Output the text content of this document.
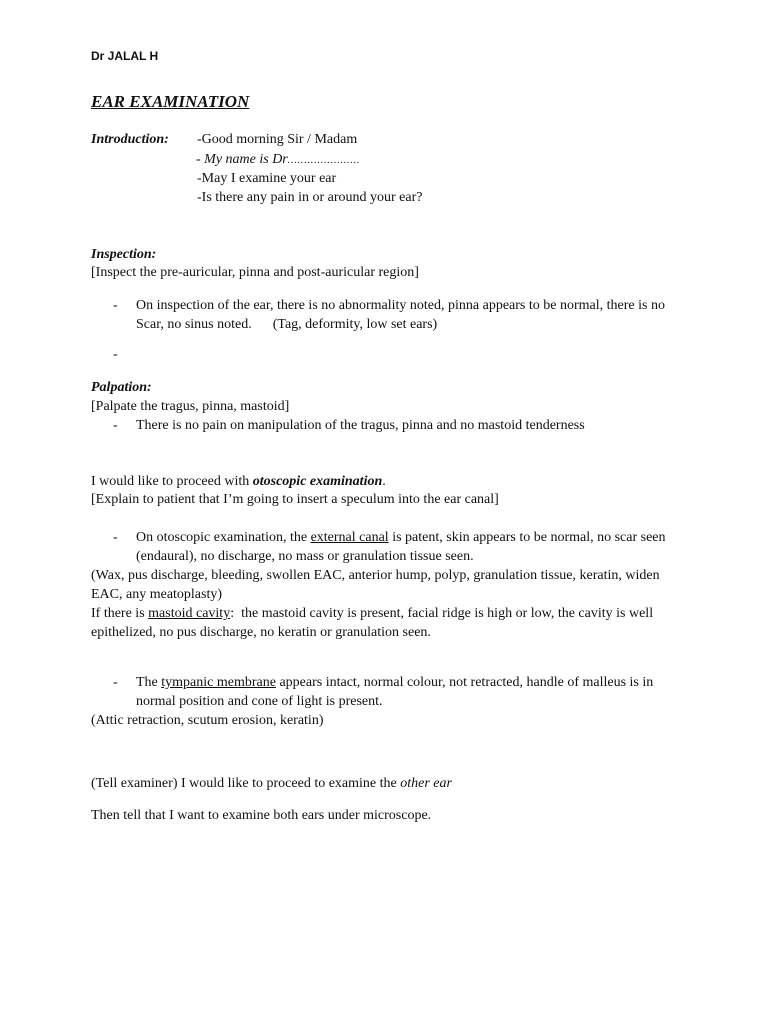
Dr JALAL H
EAR EXAMINATION
Introduction: -Good morning Sir / Madam
- My name is Dr………………….
-May I examine your ear
-Is there any pain in or around your ear?
Inspection:
[Inspect the pre-auricular, pinna and post-auricular region]
- On inspection of the ear, there is no abnormality noted, pinna appears to be normal, there is no
Scar, no sinus noted.      (Tag, deformity, low set ears)
-
Palpation:
[Palpate the tragus, pinna, mastoid]
- There is no pain on manipulation of the tragus, pinna and no mastoid tenderness
I would like to proceed with otoscopic examination.
[Explain to patient that I’m going to insert a speculum into the ear canal]
- On otoscopic examination, the external canal is patent, skin appears to be normal, no scar seen
(endaural), no discharge, no mass or granulation tissue seen.
(Wax, pus discharge, bleeding, swollen EAC, anterior hump, polyp, granulation tissue, keratin, widen
EAC, any meatoplasty)
If there is mastoid cavity:  the mastoid cavity is present, facial ridge is high or low, the cavity is well
epithelized, no pus discharge, no keratin or granulation seen.
- The tympanic membrane appears intact, normal colour, not retracted, handle of malleus is in
normal position and cone of light is present.
(Attic retraction, scutum erosion, keratin)
(Tell examiner) I would like to proceed to examine the other ear
Then tell that I want to examine both ears under microscope.
